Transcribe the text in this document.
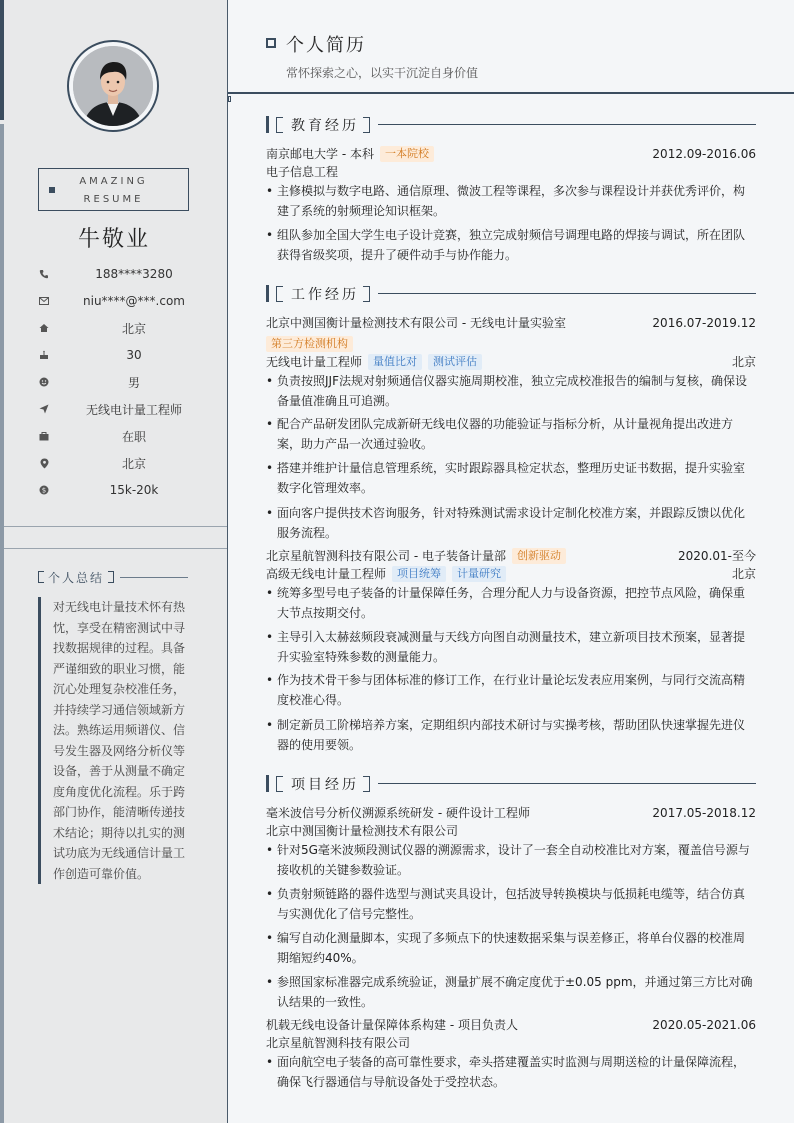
AMAZING
RESUME
牛敬业
188****3280
niu****@***.com
北京
30
男
无线电计量工程师
在职
北京
$	15k-20k
个人总结
对无线电计量技术怀有热忱，享受在精密测试中寻找数据规律的过程。具备严谨细致的职业习惯，能沉心处理复杂校准任务，并持续学习通信领域新方法。熟练运用频谱仪、信号发生器及网络分析仪等设备，善于从测量不确定度角度优化流程。乐于跨部门协作，能清晰传递技术结论；期待以扎实的测试功底为无线通信计量工作创造可靠价值。
个人简历
常怀探索之心，以实干沉淀自身价值
教育经历
南京邮电大学 - 本科	一本院校	2012.09-2016.06
电子信息工程
• 主修模拟与数字电路、通信原理、微波工程等课程，多次参与课程设计并获优秀评价，构建了系统的射频理论知识框架。
• 组队参加全国大学生电子设计竞赛，独立完成射频信号调理电路的焊接与调试，所在团队获得省级奖项，提升了硬件动手与协作能力。
工作经历
北京中测国衡计量检测技术有限公司 - 无线电计量实验室	2016.07-2019.12
第三方检测机构
无线电计量工程师	量值比对	测试评估	北京
• 负责按照JJF法规对射频通信仪器实施周期校准，独立完成校准报告的编制与复核，确保设备量值准确且可追溯。
• 配合产品研发团队完成新研无线电仪器的功能验证与指标分析，从计量视角提出改进方案，助力产品一次通过验收。
• 搭建并维护计量信息管理系统，实时跟踪器具检定状态，整理历史证书数据，提升实验室数字化管理效率。
• 面向客户提供技术咨询服务，针对特殊测试需求设计定制化校准方案，并跟踪反馈以优化服务流程。
北京星航智测科技有限公司 - 电子装备计量部	创新驱动	2020.01-至今
高级无线电计量工程师	项目统筹	计量研究	北京
• 统筹多型号电子装备的计量保障任务，合理分配人力与设备资源，把控节点风险，确保重大节点按期交付。
• 主导引入太赫兹频段衰减测量与天线方向图自动测量技术，建立新项目技术预案，显著提升实验室特殊参数的测量能力。
• 作为技术骨干参与团体标准的修订工作，在行业计量论坛发表应用案例，与同行交流高精度校准心得。
• 制定新员工阶梯培养方案，定期组织内部技术研讨与实操考核，帮助团队快速掌握先进仪器的使用要领。
项目经历
毫米波信号分析仪溯源系统研发 - 硬件设计工程师	2017.05-2018.12
北京中测国衡计量检测技术有限公司
• 针对5G毫米波频段测试仪器的溯源需求，设计了一套全自动校准比对方案，覆盖信号源与接收机的关键参数验证。
• 负责射频链路的器件选型与测试夹具设计，包括波导转换模块与低损耗电缆等，结合仿真与实测优化了信号完整性。
• 编写自动化测量脚本，实现了多频点下的快速数据采集与误差修正，将单台仪器的校准周期缩短约40%。
• 参照国家标准器完成系统验证，测量扩展不确定度优于±0.05 ppm，并通过第三方比对确认结果的一致性。
机载无线电设备计量保障体系构建 - 项目负责人	2020.05-2021.06
北京星航智测科技有限公司
• 面向航空电子装备的高可靠性要求，牵头搭建覆盖实时监测与周期送检的计量保障流程，确保飞行器通信与导航设备处于受控状态。
